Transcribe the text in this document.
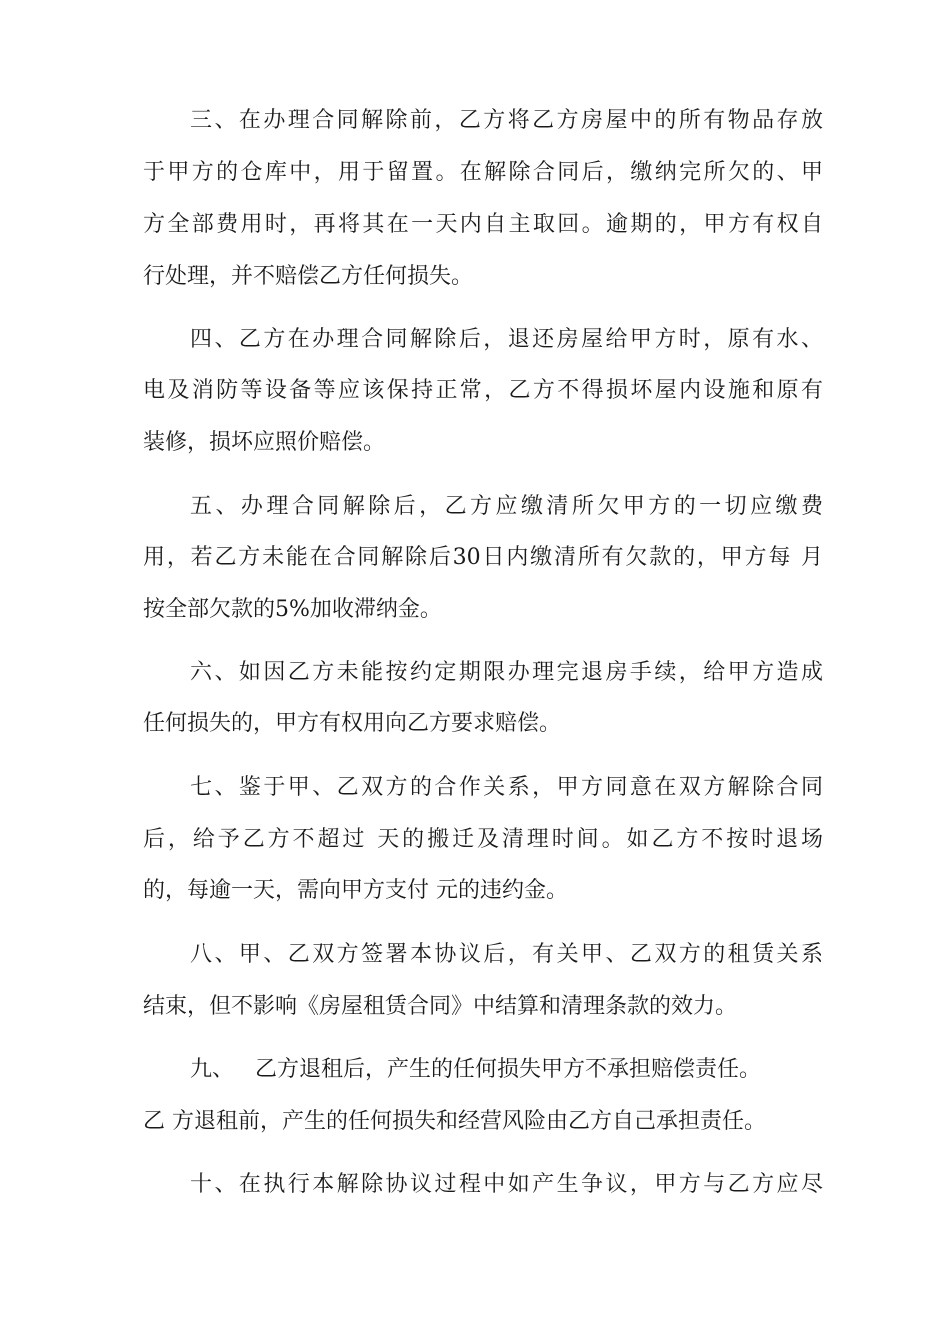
三、在办理合同解除前，乙方将乙方房屋中的所有物品存放
于甲方的仓库中，用于留置。在解除合同后，缴纳完所欠的、甲
方全部费用时，再将其在一天内自主取回。逾期的，甲方有权自
行处理，并不赔偿乙方任何损失。
四、乙方在办理合同解除后，退还房屋给甲方时，原有水、
电及消防等设备等应该保持正常，乙方不得损坏屋内设施和原有
装修，损坏应照价赔偿。
五、办理合同解除后，乙方应缴清所欠甲方的一切应缴费
用，若乙方未能在合同解除后30日内缴清所有欠款的，甲方每 月
按全部欠款的5%加收滞纳金。
六、如因乙方未能按约定期限办理完退房手续，给甲方造成
任何损失的，甲方有权用向乙方要求赔偿。
七、鉴于甲、乙双方的合作关系，甲方同意在双方解除合同
后，给予乙方不超过 天的搬迁及清理时间。如乙方不按时退场
的，每逾一天，需向甲方支付 元的违约金。
八、甲、乙双方签署本协议后，有关甲、乙双方的租赁关系
结束，但不影响《房屋租赁合同》中结算和清理条款的效力。
九、   乙方退租后，产生的任何损失甲方不承担赔偿责任。
乙 方退租前，产生的任何损失和经营风险由乙方自己承担责任。
十、在执行本解除协议过程中如产生争议，甲方与乙方应尽
